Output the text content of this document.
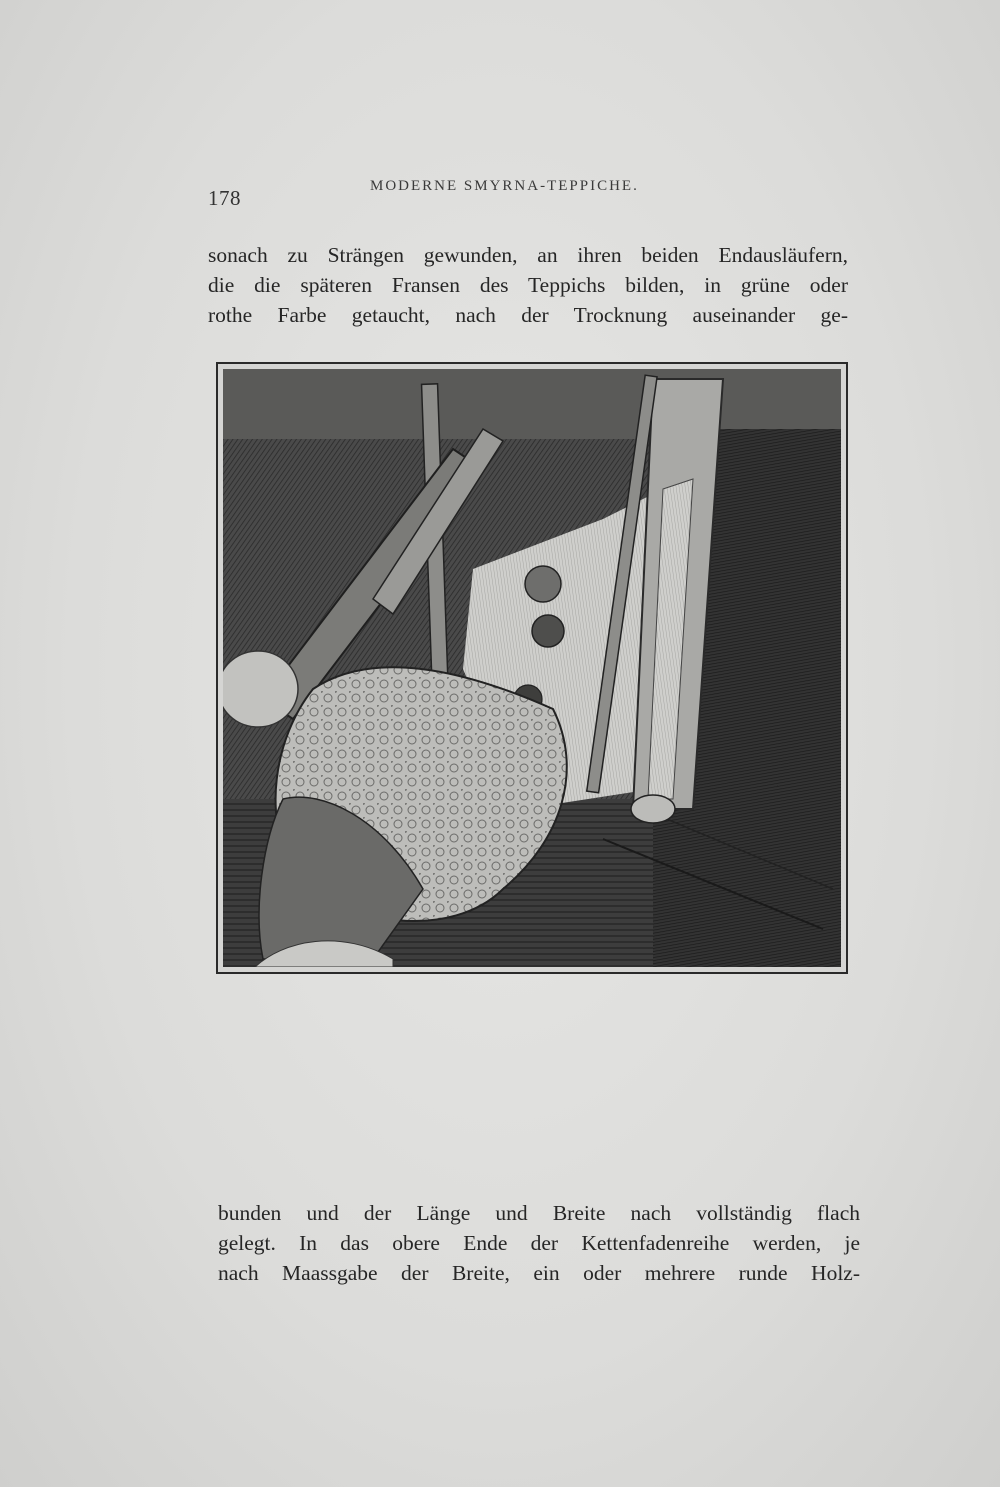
178	MODERNE SMYRNA-TEPPICHE.
sonach zu Strängen gewunden, an ihren beiden Endausläufern,
die die späteren Fransen des Teppichs bilden, in grüne oder
rothe Farbe getaucht, nach der Trocknung auseinander ge-
bunden und der Länge und Breite nach vollständig flach
gelegt. In das obere Ende der Kettenfadenreihe werden, je
nach Maassgabe der Breite, ein oder mehrere runde Holz-
